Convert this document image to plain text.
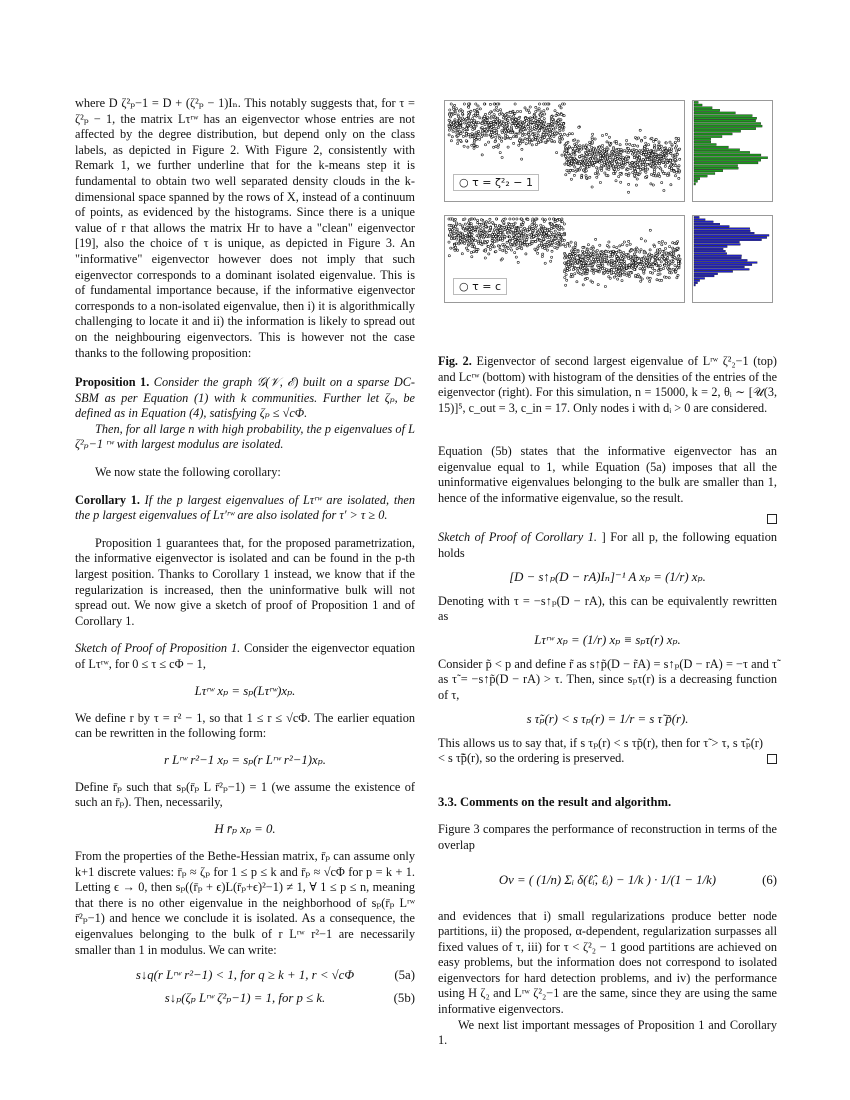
where D ζ²ₚ−1 = D + (ζ²ₚ − 1)Iₙ. This notably suggests that, for τ = ζ²ₚ − 1, the matrix Lτʳʷ has an eigenvector whose entries are not affected by the degree distribution, but depend only on the class labels, as depicted in Figure 2. With Figure 2, consistently with Remark 1, we further underline that for the k-means step it is fundamental to obtain two well separated density clouds in the k-dimensional space spanned by the rows of X, instead of a continuum of points, as evidenced by the histograms. Since there is a unique value of r that allows the matrix Hr to have a "clean" eigenvector [19], also the choice of τ is unique, as depicted in Figure 3. An "informative" eigenvector however does not imply that such eigenvector corresponds to a dominant isolated eigenvalue. This is of fundamental importance because, if the informative eigenvector corresponds to a non-isolated eigenvalue, then i) it is algorithmically challenging to locate it and ii) the information is likely to spread out on the neighbouring eigenvectors. This is however not the case thanks to the following proposition:

Proposition 1. Consider the graph 𝒢(𝒱, ℰ) built on a sparse DC-SBM as per Equation (1) with k communities. Further let ζₚ, be defined as in Equation (4), satisfying ζₚ ≤ √cΦ.

Then, for all large n with high probability, the p eigenvalues of L ζ²ₚ−1 ʳʷ with largest modulus are isolated.

We now state the following corollary:

Corollary 1. If the p largest eigenvalues of Lτʳʷ are isolated, then the p largest eigenvalues of Lτ′ʳʷ are also isolated for τ′ > τ ≥ 0.

Proposition 1 guarantees that, for the proposed parametrization, the informative eigenvector is isolated and can be found in the p-th largest position. Thanks to Corollary 1 instead, we know that if the regularization is increased, then the uninformative bulk will not spread out. We now give a sketch of proof of Proposition 1 and of Corollary 1.

Sketch of Proof of Proposition 1. Consider the eigenvector equation of Lτʳʷ, for 0 ≤ τ ≤ cΦ − 1,

Lτʳʷ xₚ = sₚ(Lτʳʷ)xₚ.

We define r by τ = r² − 1, so that 1 ≤ r ≤ √cΦ. The earlier equation can be rewritten in the following form:

r Lʳʷ r²−1 xₚ = sₚ(r Lʳʷ r²−1)xₚ.

Define r̄ₚ such that sₚ(r̄ₚ L r̄²ₚ−1) = 1 (we assume the existence of such an r̄ₚ). Then, necessarily,

H r̄ₚ xₚ = 0.

From the properties of the Bethe-Hessian matrix, r̄ₚ can assume only k+1 discrete values: r̄ₚ ≈ ζₚ for 1 ≤ p ≤ k and r̄ₚ ≈ √cΦ for p = k + 1. Letting ϵ → 0, then sₚ((r̄ₚ + ϵ)L(r̄ₚ+ϵ)²−1) ≠ 1, ∀ 1 ≤ p ≤ n, meaning that there is no other eigenvalue in the neighborhood of sₚ(r̄ₚ Lʳʷ r̄²ₚ−1) and hence we conclude it is isolated. As a consequence, the eigenvalues belonging to the bulk of r Lʳʷ r²−1 are necessarily smaller than 1 in modulus. We can write:

s↓q(r Lʳʷ r²−1) < 1, for q ≥ k + 1, r < √cΦ	(5a)
s↓ₚ(ζₚ Lʳʷ ζ²ₚ−1) = 1, for p ≤ k.	(5b)
○ τ = ζ²₂ − 1
○ τ = c

Fig. 2. Eigenvector of second largest eigenvalue of Lʳʷ ζ²₂−1 (top) and Lcʳʷ (bottom) with histogram of the densities of the entries of the eigenvector (right). For this simulation, n = 15000, k = 2, θᵢ ∼ [𝒰(3, 15)]⁵, c_out = 3, c_in = 17. Only nodes i with dᵢ > 0 are considered.

Equation (5b) states that the informative eigenvector has an eigenvalue equal to 1, while Equation (5a) imposes that all the uninformative eigenvalues belonging to the bulk are smaller than 1, hence of the informative eigenvalue, so the result.

Sketch of Proof of Corollary 1. ] For all p, the following equation holds

[D − s↑ₚ(D − rA)Iₙ]⁻¹ A xₚ = (1/r) xₚ.

Denoting with τ = −s↑ₚ(D − rA), this can be equivalently rewritten as

Lτʳʷ xₚ = (1/r) xₚ ≡ sₚτ(r) xₚ.

Consider p̃ < p and define r̃ as s↑p̃(D − r̃A) = s↑ₚ(D − rA) = −τ and τ̃ as τ̃ = −s↑p̃(D − rA) > τ. Then, since sₚτ(r) is a decreasing function of τ,

s τ̃ₚ(r) < s τₚ(r) = 1/r = s τ̃ p̃(r).

This allows us to say that, if s τₚ(r) < s τp̃(r), then for τ̃ > τ, s τ̃ₚ(r) < s τ̃p̃(r), so the ordering is preserved.

3.3. Comments on the result and algorithm.

Figure 3 compares the performance of reconstruction in terms of the overlap

Ov = ( (1/n) Σᵢ δ(ℓ̂ᵢ, ℓᵢ) − 1/k ) · 1/(1 − 1/k)	(6)

and evidences that i) small regularizations produce better node partitions, ii) the proposed, α-dependent, regularization surpasses all fixed values of τ, iii) for τ < ζ²₂ − 1 good partitions are achieved on easy problems, but the information does not correspond to isolated eigenvectors for hard detection problems, and iv) the performance using H ζ₂ and Lʳʷ ζ²₂−1 are the same, since they are using the same informative eigenvectors.

We next list important messages of Proposition 1 and Corollary 1.
